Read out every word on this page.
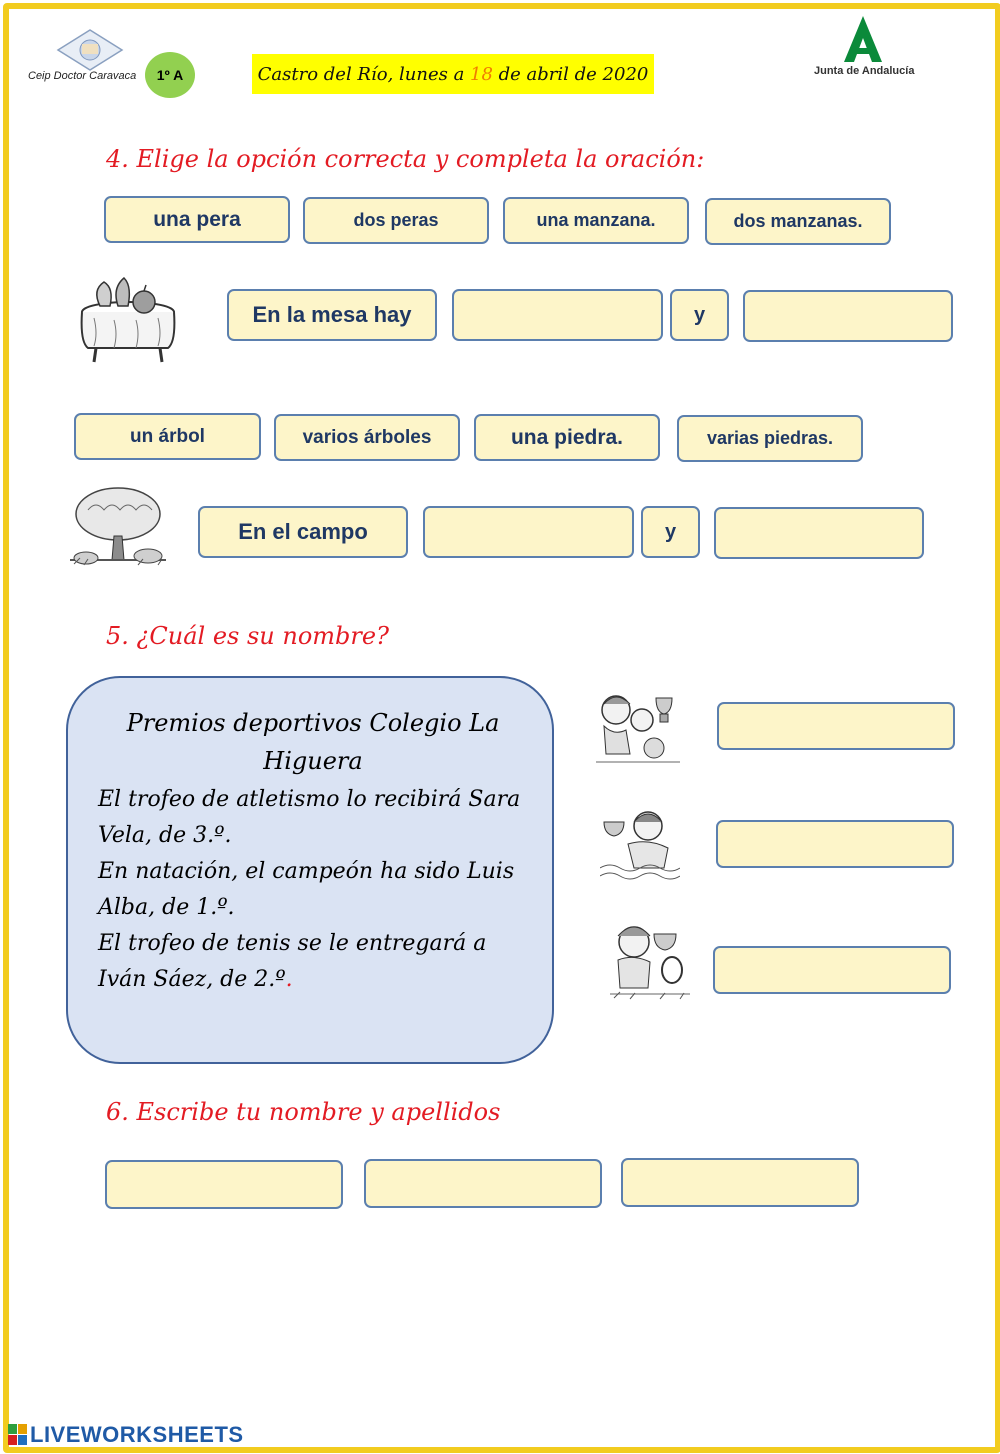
Ceip Doctor Caravaca 1º A	Castro del Río, lunes a 18 de abril de 2020	Junta de Andalucía
4. Elige la opción correcta y completa la oración:
una pera	dos peras	una manzana.	dos manzanas.
En la mesa hay	y
un árbol	varios árboles	una piedra.	varias piedras.
En el campo	y
5. ¿Cuál es su nombre?
Premios deportivos Colegio La Higuera
El trofeo de atletismo lo recibirá Sara Vela, de 3.º.
En natación, el campeón ha sido Luis Alba, de 1.º.
El trofeo de tenis se le entregará a Iván Sáez, de 2.º.
6. Escribe tu nombre y apellidos
LIVEWORKSHEETS
